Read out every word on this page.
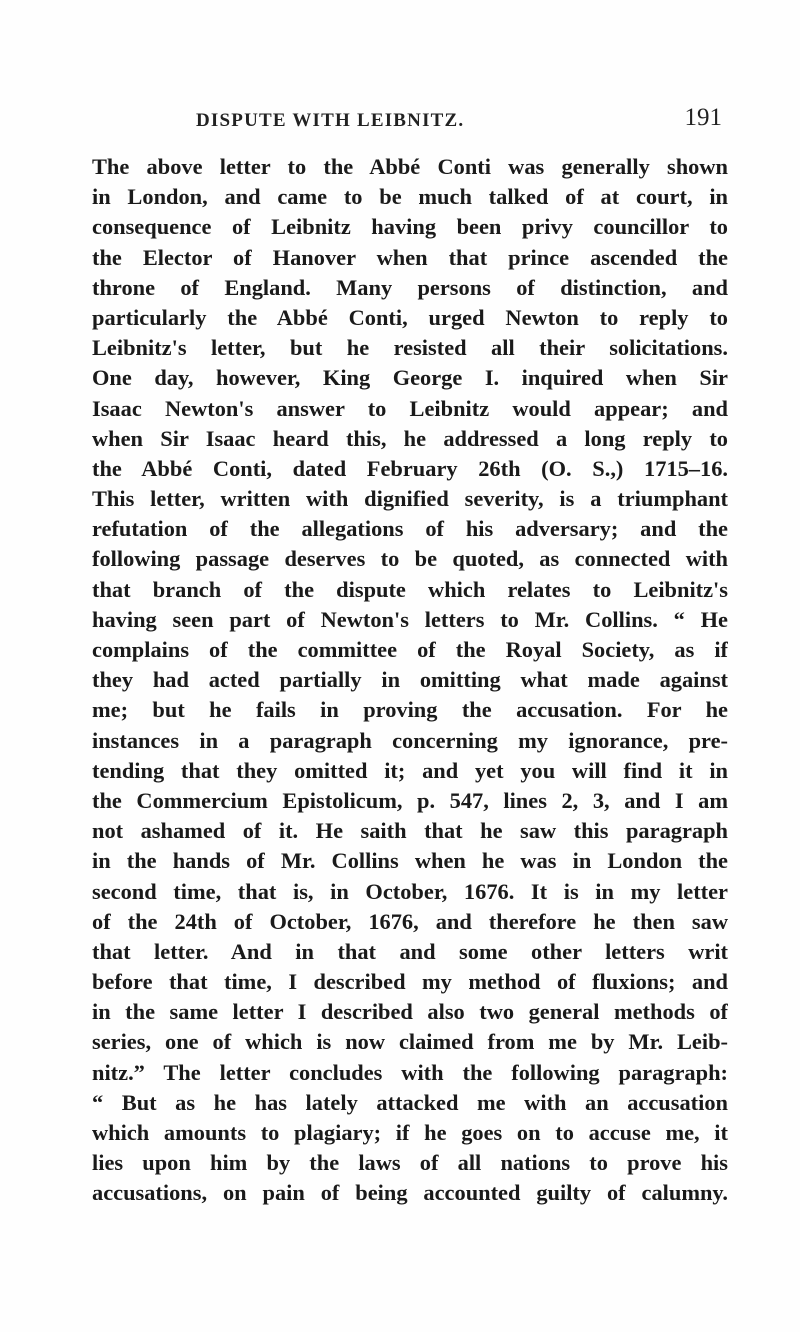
DISPUTE WITH LEIBNITZ.	191
The above letter to the Abbé Conti was generally shown
in London, and came to be much talked of at court, in
consequence of Leibnitz having been privy councillor to
the Elector of Hanover when that prince ascended the
throne of England. Many persons of distinction, and
particularly the Abbé Conti, urged Newton to reply to
Leibnitz's letter, but he resisted all their solicitations.
One day, however, King George I. inquired when Sir
Isaac Newton's answer to Leibnitz would appear; and
when Sir Isaac heard this, he addressed a long reply to
the Abbé Conti, dated February 26th (O. S.,) 1715–16.
This letter, written with dignified severity, is a triumphant
refutation of the allegations of his adversary; and the
following passage deserves to be quoted, as connected with
that branch of the dispute which relates to Leibnitz's
having seen part of Newton's letters to Mr. Collins. “ He
complains of the committee of the Royal Society, as if
they had acted partially in omitting what made against
me; but he fails in proving the accusation. For he
instances in a paragraph concerning my ignorance, pre-
tending that they omitted it; and yet you will find it in
the Commercium Epistolicum, p. 547, lines 2, 3, and I am
not ashamed of it. He saith that he saw this paragraph
in the hands of Mr. Collins when he was in London the
second time, that is, in October, 1676. It is in my letter
of the 24th of October, 1676, and therefore he then saw
that letter. And in that and some other letters writ
before that time, I described my method of fluxions; and
in the same letter I described also two general methods of
series, one of which is now claimed from me by Mr. Leib-
nitz.” The letter concludes with the following paragraph:
“ But as he has lately attacked me with an accusation
which amounts to plagiary; if he goes on to accuse me, it
lies upon him by the laws of all nations to prove his
accusations, on pain of being accounted guilty of calumny.
